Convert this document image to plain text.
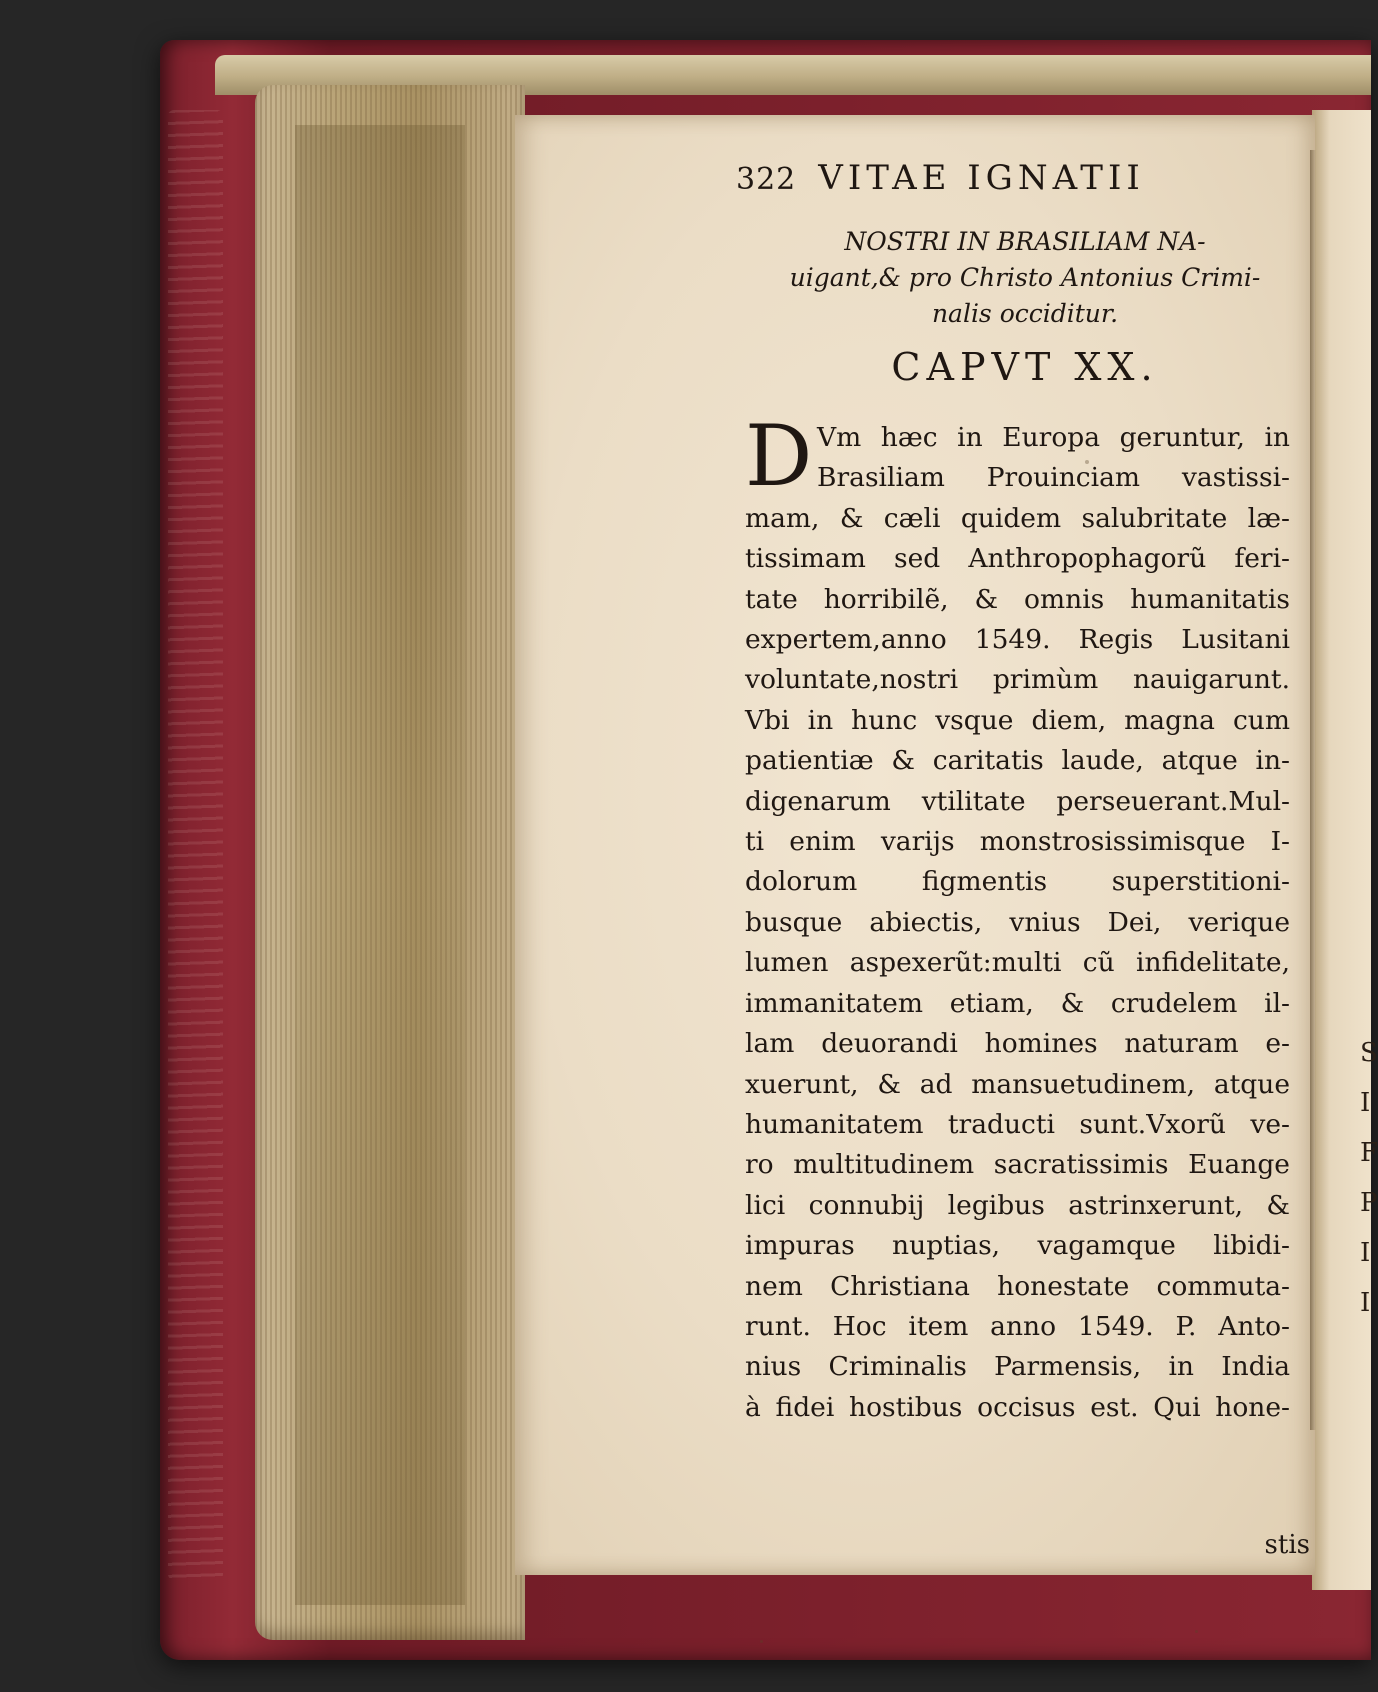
322 VITAE IGNATII
NOSTRI IN BRASILIAM NA-
uigant,& pro Christo Antonius Crimi-
nalis occiditur.
CAPVT XX.
D Vm hæc in Europa geruntur, in
Brasiliam Prouinciam vastissi-
mam, & cæli quidem salubritate læ-
tissimam sed Anthropophagorũ feri-
tate horribilẽ, & omnis humanitatis
expertem,anno 1549. Regis Lusitani
voluntate,nostri primùm nauigarunt.
Vbi in hunc vsque diem, magna cum
patientiæ & caritatis laude, atque in-
digenarum vtilitate perseuerant.Mul-
ti enim varijs monstrosissimisque I-
dolorum figmentis superstitioni-
busque abiectis, vnius Dei, verique
lumen aspexerũt:multi cũ infidelitate,
immanitatem etiam, & crudelem il-
lam deuorandi homines naturam e-
xuerunt, & ad mansuetudinem, atque
humanitatem traducti sunt.Vxorũ ve-
ro multitudinem sacratissimis Euange
lici connubij legibus astrinxerunt, &
impuras nuptias, vagamque libidi-
nem Christiana honestate commuta-
runt. Hoc item anno 1549. P. Anto-
nius Criminalis Parmensis, in India
à fidei hostibus occisus est. Qui hone-
stis
S
I
F
P
I
I
